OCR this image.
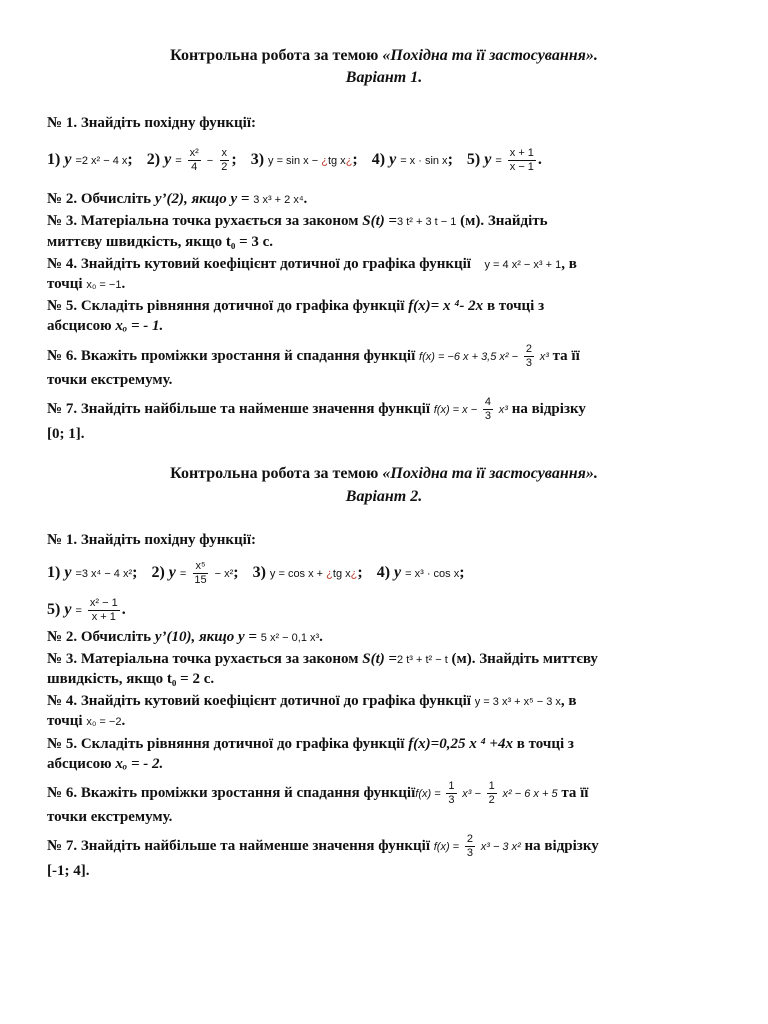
Контрольна робота за темою «Похідна та її застосування».
Варіант 1.
№ 1. Знайдіть похідну функції:
1) y =2 x² − 4 x;  2) $y = \frac{\text{x²}}{4} - \frac{x}{2}$ ;  3) y = sin x − ¿tg x¿;  4) y = x · sin x;  5) $y = \frac{x + 1}{x - 1}$ .
№ 2. Обчисліть y’(2), якщо y = 3 x³ + 2 x⁴.
№ 3. Матеріальна точка рухається за законом S(t) =3 t² + 3 t − 1 (м). Знайдіть
миттєву швидкість, якщо t₀ = 3 с.
№ 4. Знайдіть кутовий коефіцієнт дотичної до графіка функції y = 4 x² − x³ + 1, в
точці x₀ = −1.
№ 5. Складіть рівняння дотичної до графіка функції f(x)= x ⁴- 2x в точці з
абсцисою xₒ = - 1.
№ 6. Вкажіть проміжки зростання й спадання функції f(x) = −6 x + 3,5 $x^2 - \frac{2}{3} x^3$ та її
точки екстремуму.
№ 7. Знайдіть найбільше та найменше значення функції $f(x) = x - \frac{4}{3} x^3$ на відрізку
[0; 1].
Контрольна робота за темою «Похідна та її застосування».
Варіант 2.
№ 1. Знайдіть похідну функції:
1) y =3 x⁴ − 4 x²;  2) $y = \frac{\text{x⁵}}{15} - x^2$;  3) y = cos x + ¿tg x¿;  4) y = x³ · cos x;
5) $y = \frac{\text{x² − 1}}{x + 1}$ .
№ 2. Обчисліть y’(10), якщо y = 5 x² − 0,1 x³.
№ 3. Матеріальна точка рухається за законом S(t) =2 t³ + t² − t (м). Знайдіть миттєву
швидкість, якщо t₀ = 2 с.
№ 4. Знайдіть кутовий коефіцієнт дотичної до графіка функції y = 3 x³ + x⁵ − 3 x, в
точці x₀ = −2.
№ 5. Складіть рівняння дотичної до графіка функції f(x)=0,25 x ⁴ +4x в точці з
абсцисою xₒ = - 2.
№ 6. Вкажіть проміжки зростання й спадання функціїf(x) = $\frac{1}{3} x^3 - \frac{1}{2} x^2 - 6$ x + 5 та її
точки екстремуму.
№ 7. Знайдіть найбільше та найменше значення функції $f(x) = \frac{2}{3} x^3 - 3$ x² на відрізку
[-1; 4].
